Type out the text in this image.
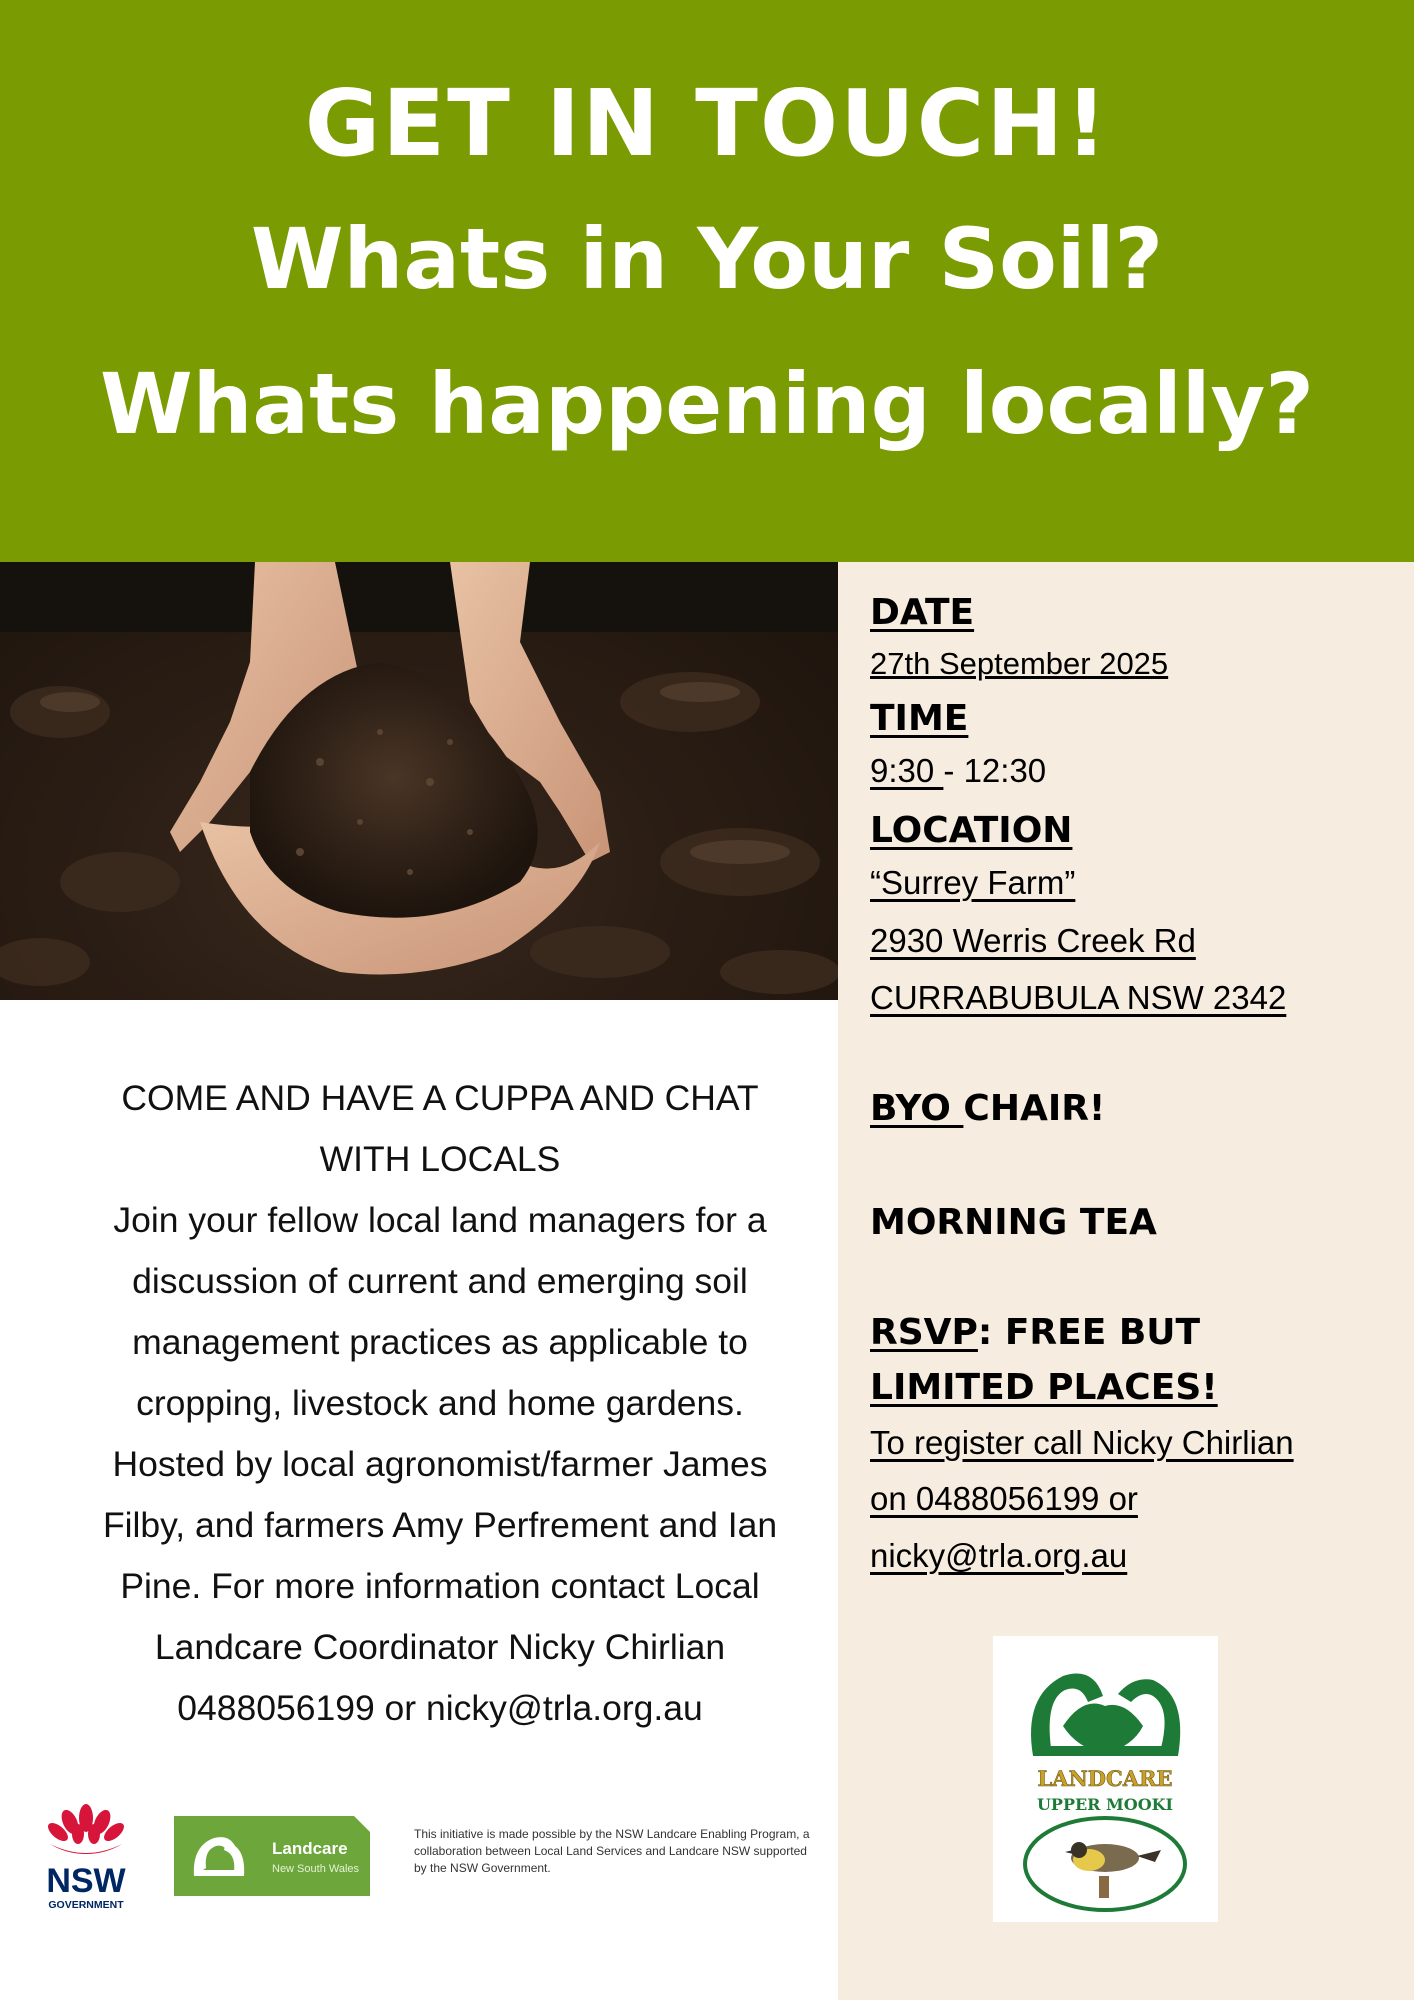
GET IN TOUCH!
Whats in Your Soil?
Whats happening locally?
DATE
27th September 2025
TIME
9:30 - 12:30
LOCATION
“Surrey Farm”
2930 Werris Creek Rd
CURRABUBULA NSW 2342
BYO CHAIR!
MORNING TEA
RSVP: FREE BUT
LIMITED PLACES!
To register call Nicky Chirlian
on 0488056199 or
nicky@trla.org.au
COME AND HAVE A CUPPA AND CHAT
WITH LOCALS
Join your fellow local land managers for a
discussion of current and emerging soil
management practices as applicable to
cropping, livestock and home gardens.
Hosted by local agronomist/farmer James
Filby, and farmers Amy Perfrement and Ian
Pine. For more information contact Local
Landcare Coordinator Nicky Chirlian
0488056199 or nicky@trla.org.au
NSW
GOVERNMENT
Landcare
New South Wales
This initiative is made possible by the NSW Landcare Enabling Program, a collaboration between Local Land Services and Landcare NSW supported by the NSW Government.
LANDCARE
UPPER MOOKI
